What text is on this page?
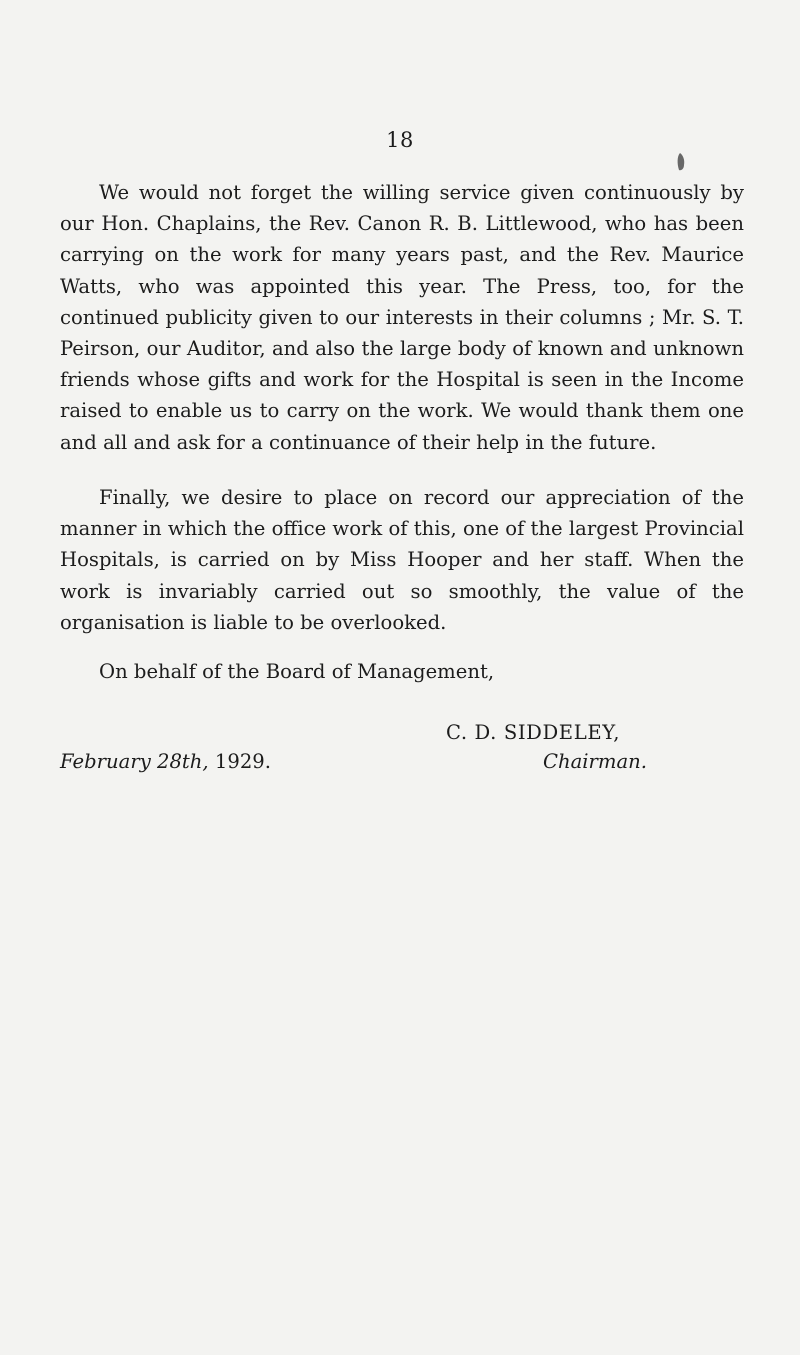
18

We would not forget the willing service given continuously by our Hon. Chaplains, the Rev. Canon R. B. Littlewood, who has been carrying on the work for many years past, and the Rev. Maurice Watts, who was appointed this year. The Press, too, for the continued publicity given to our interests in their columns ; Mr. S. T. Peirson, our Auditor, and also the large body of known and unknown friends whose gifts and work for the Hospital is seen in the Income raised to enable us to carry on the work. We would thank them one and all and ask for a continuance of their help in the future.

Finally, we desire to place on record our appreciation of the manner in which the office work of this, one of the largest Provincial Hospitals, is carried on by Miss Hooper and her staff. When the work is invariably carried out so smoothly, the value of the organisation is liable to be overlooked.

On behalf of the Board of Management,
C. D. SIDDELEY,
February 28th, 1929.	Chairman.
